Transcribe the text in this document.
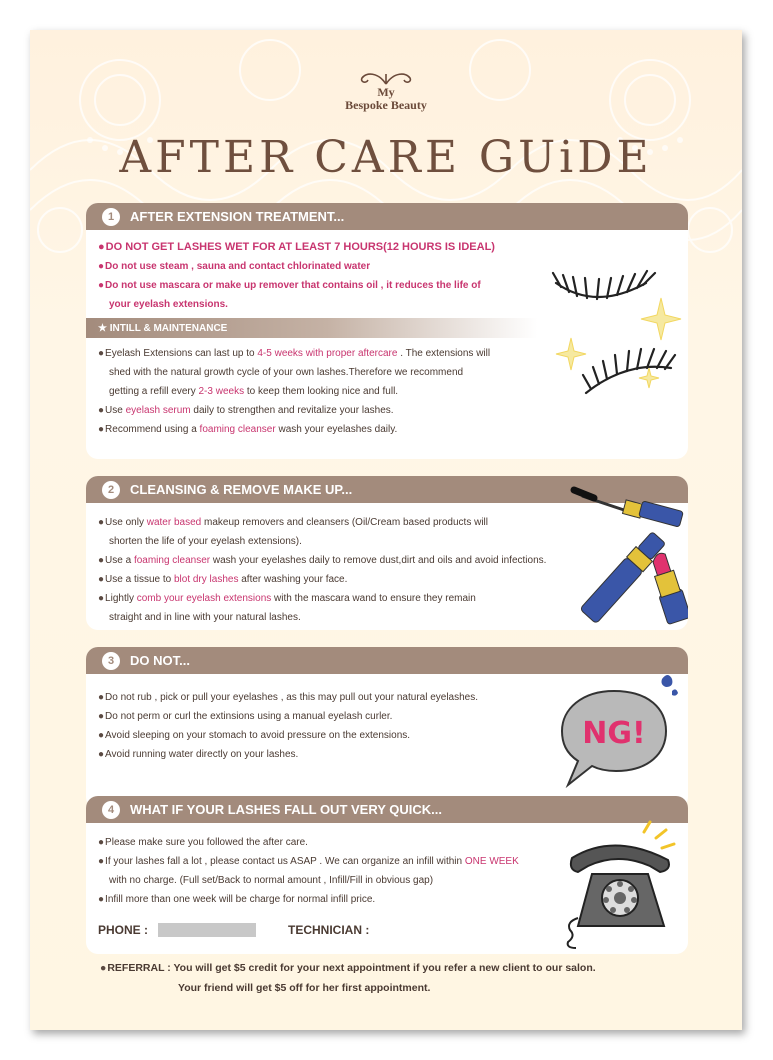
My
Bespoke Beauty
AFTER CARE GUiDE
1	AFTER EXTENSION TREATMENT...
● DO NOT GET LASHES WET FOR AT LEAST 7 HOURS(12 HOURS IS IDEAL)
● Do not use steam , sauna and contact chlorinated water
● Do not use mascara or make up remover that contains oil , it reduces the life of
your eyelash extensions.
★ INTILL & MAINTENANCE
● Eyelash Extensions can last up to 4-5 weeks with proper aftercare . The extensions will
shed with the natural growth cycle of your own lashes.Therefore we recommend
getting a refill every 2-3 weeks to keep them looking nice and full.
● Use eyelash serum daily to strengthen and revitalize your lashes.
● Recommend using a foaming cleanser wash your eyelashes daily.
2	CLEANSING & REMOVE MAKE UP...
● Use only water based makeup removers and cleansers (Oil/Cream based products will
shorten the life of your eyelash extensions).
● Use a foaming cleanser wash your eyelashes daily to remove dust,dirt and oils and avoid infections.
● Use a tissue to blot dry lashes after washing your face.
● Lightly comb your eyelash extensions with the mascara wand to ensure they remain
straight and in line with your natural lashes.
3	DO NOT...
● Do not rub , pick or pull your eyelashes , as this may pull out your natural eyelashes.
● Do not perm or curl the extinsions using a manual eyelash curler.
● Avoid sleeping on your stomach to avoid pressure on the extensions.
● Avoid running water directly on your lashes.
NG!
4	WHAT IF YOUR LASHES FALL OUT VERY QUICK...
● Please make sure you followed the after care.
● If your lashes fall a lot , please contact us ASAP . We can organize an infill within ONE WEEK
with no charge. (Full set/Back to normal amount , Infill/Fill in obvious gap)
● Infill more than one week will be charge for normal infill price.
PHONE :	TECHNICIAN :
● REFERRAL : You will get $5 credit for your next appointment if you refer a new client to our salon.
Your friend will get $5 off for her first appointment.
